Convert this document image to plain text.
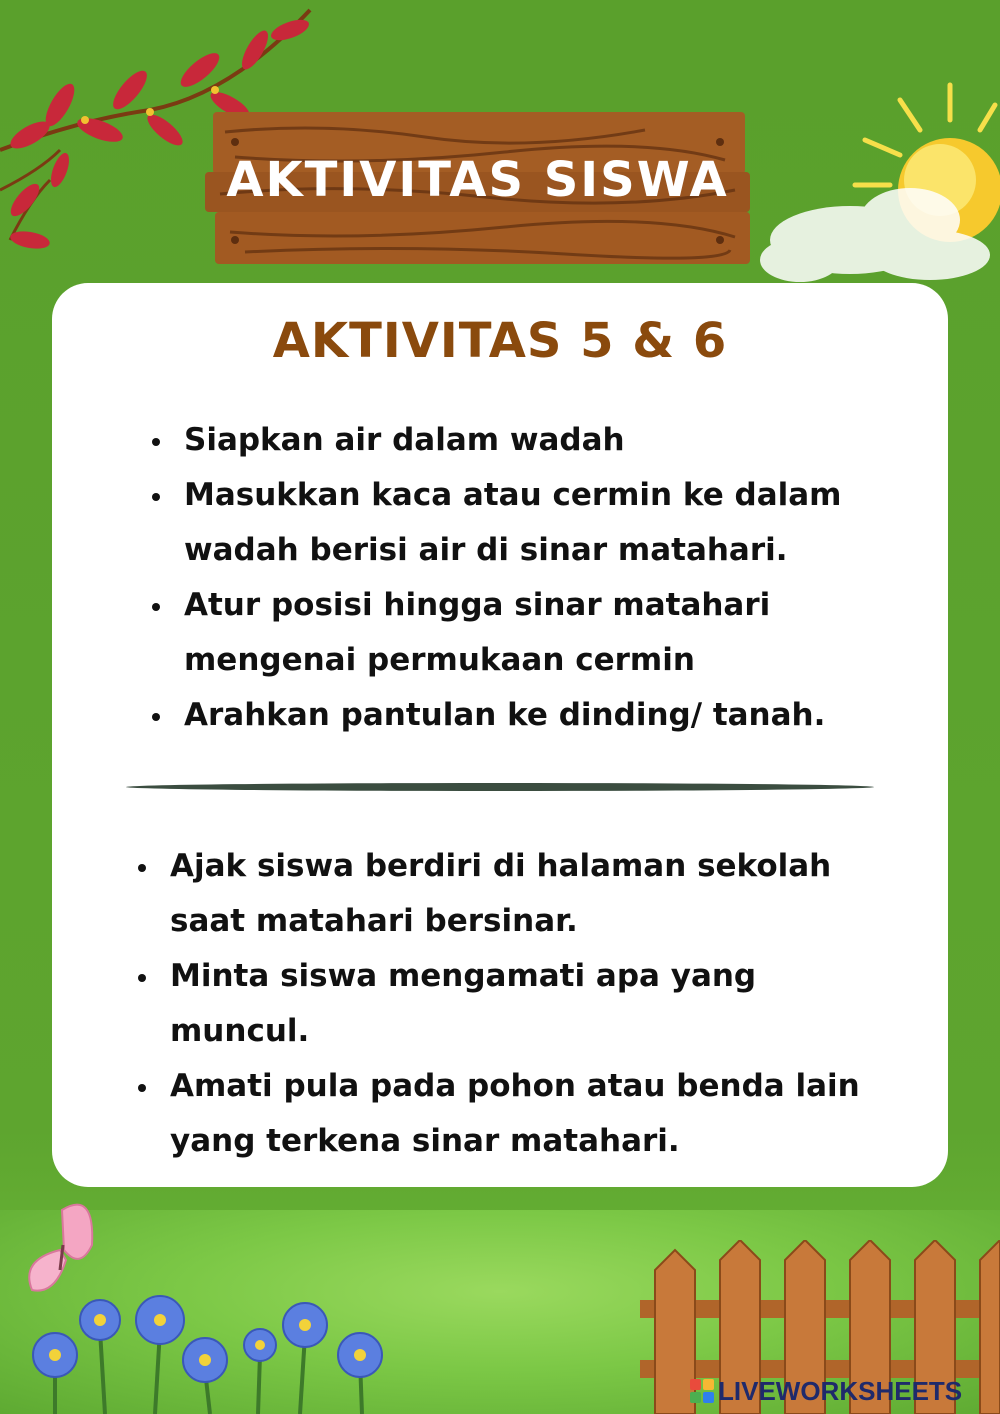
AKTIVITAS SISWA
AKTIVITAS 5 & 6
Siapkan air dalam wadah
Masukkan kaca atau cermin ke dalam wadah berisi air di sinar matahari.
Atur posisi hingga sinar matahari mengenai permukaan cermin
Arahkan pantulan ke dinding/ tanah.
Ajak siswa berdiri di halaman sekolah saat matahari bersinar.
Minta siswa mengamati apa yang muncul.
Amati pula pada pohon atau benda lain yang terkena sinar matahari.
LIVEWORKSHEETS
